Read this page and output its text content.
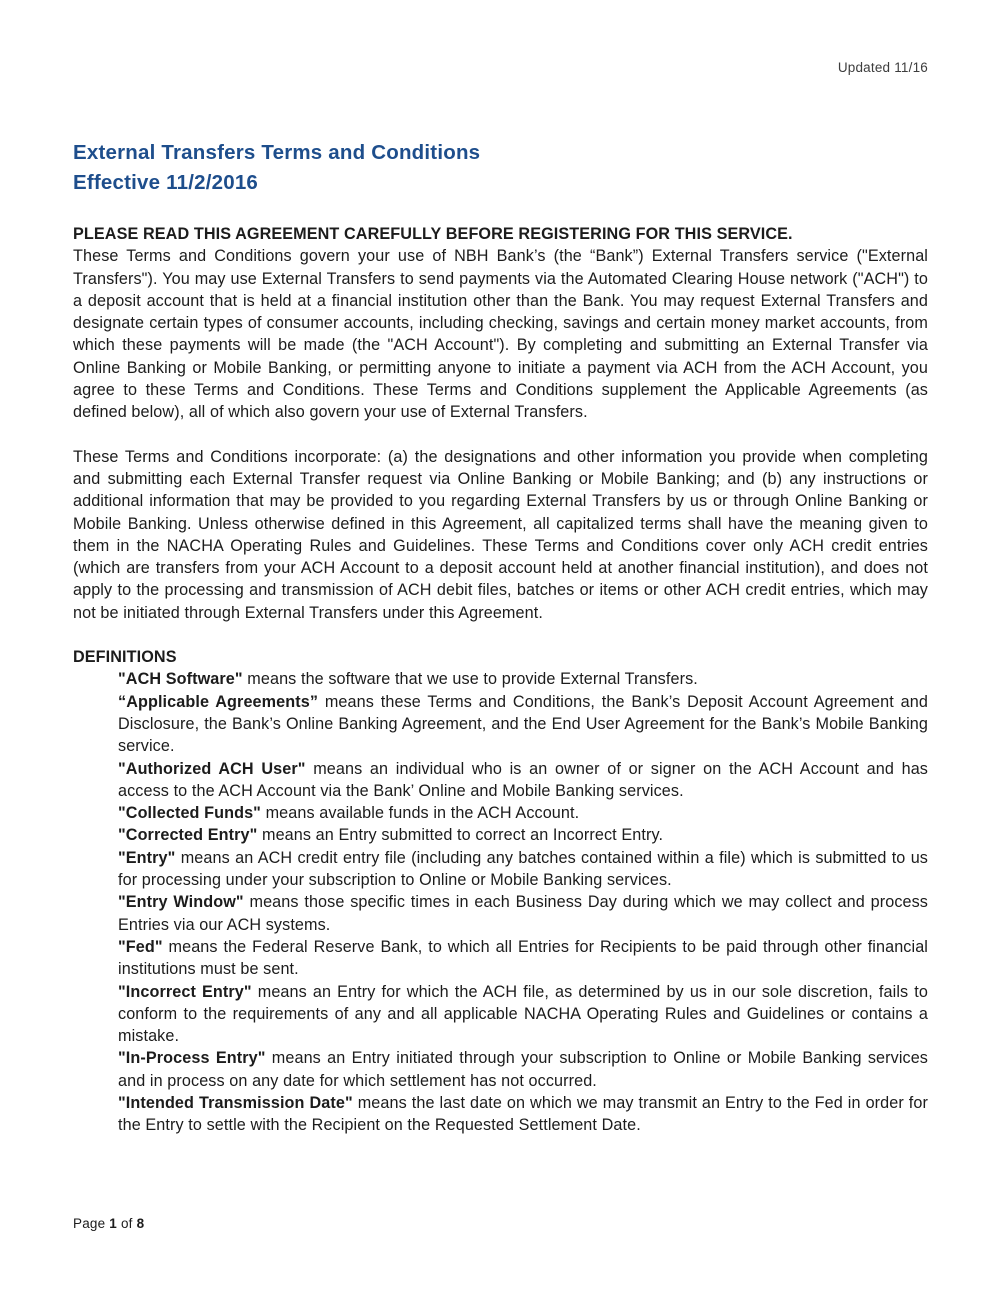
Updated 11/16
External Transfers Terms and Conditions
Effective 11/2/2016

PLEASE READ THIS AGREEMENT CAREFULLY BEFORE REGISTERING FOR THIS SERVICE.
These Terms and Conditions govern your use of NBH Bank’s (the “Bank”) External Transfers service ("External Transfers"). You may use External Transfers to send payments via the Automated Clearing House network ("ACH") to a deposit account that is held at a financial institution other than the Bank. You may request External Transfers and designate certain types of consumer accounts, including checking, savings and certain money market accounts, from which these payments will be made (the "ACH Account"). By completing and submitting an External Transfer via Online Banking or Mobile Banking, or permitting anyone to initiate a payment via ACH from the ACH Account, you agree to these Terms and Conditions. These Terms and Conditions supplement the Applicable Agreements (as defined below), all of which also govern your use of External Transfers.

These Terms and Conditions incorporate: (a) the designations and other information you provide when completing and submitting each External Transfer request via Online Banking or Mobile Banking; and (b) any instructions or additional information that may be provided to you regarding External Transfers by us or through Online Banking or Mobile Banking. Unless otherwise defined in this Agreement, all capitalized terms shall have the meaning given to them in the NACHA Operating Rules and Guidelines. These Terms and Conditions cover only ACH credit entries (which are transfers from your ACH Account to a deposit account held at another financial institution), and does not apply to the processing and transmission of ACH debit files, batches or items or other ACH credit entries, which may not be initiated through External Transfers under this Agreement.

DEFINITIONS
"ACH Software" means the software that we use to provide External Transfers.
“Applicable Agreements” means these Terms and Conditions, the Bank’s Deposit Account Agreement and Disclosure, the Bank’s Online Banking Agreement, and the End User Agreement for the Bank’s Mobile Banking service.
"Authorized ACH User" means an individual who is an owner of or signer on the ACH Account and has access to the ACH Account via the Bank’ Online and Mobile Banking services.
"Collected Funds" means available funds in the ACH Account.
"Corrected Entry" means an Entry submitted to correct an Incorrect Entry.
"Entry" means an ACH credit entry file (including any batches contained within a file) which is submitted to us for processing under your subscription to Online or Mobile Banking services.
"Entry Window" means those specific times in each Business Day during which we may collect and process Entries via our ACH systems.
"Fed" means the Federal Reserve Bank, to which all Entries for Recipients to be paid through other financial institutions must be sent.
"Incorrect Entry" means an Entry for which the ACH file, as determined by us in our sole discretion, fails to conform to the requirements of any and all applicable NACHA Operating Rules and Guidelines or contains a mistake.
"In-Process Entry" means an Entry initiated through your subscription to Online or Mobile Banking services and in process on any date for which settlement has not occurred.
"Intended Transmission Date" means the last date on which we may transmit an Entry to the Fed in order for the Entry to settle with the Recipient on the Requested Settlement Date.
Page 1 of 8
